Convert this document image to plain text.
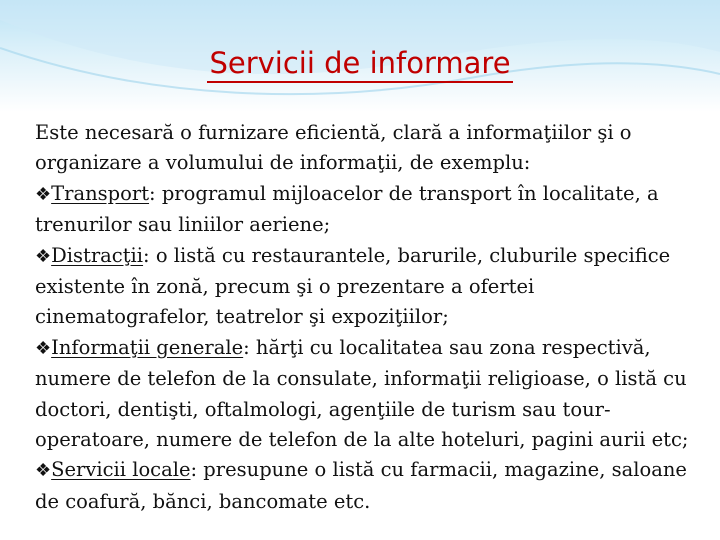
Servicii de informare

Este necesară o furnizare eficientă, clară a informaţiilor şi o organizare a volumului de informaţii, de exemplu:

❖Transport: programul mijloacelor de transport în localitate, a trenurilor sau liniilor aeriene;

❖Distracţii: o listă cu restaurantele, barurile, cluburile specifice existente în zonă, precum şi o prezentare a ofertei cinematografelor, teatrelor şi expoziţiilor;

❖Informaţii generale: hărţi cu localitatea sau zona respectivă, numere de telefon de la consulate, informaţii religioase, o listă cu doctori, dentişti, oftalmologi, agenţiile de turism sau tour-operatoare, numere de telefon de la alte hoteluri, pagini aurii etc;

❖Servicii locale: presupune o listă cu farmacii, magazine, saloane de coafură, bănci, bancomate etc.
